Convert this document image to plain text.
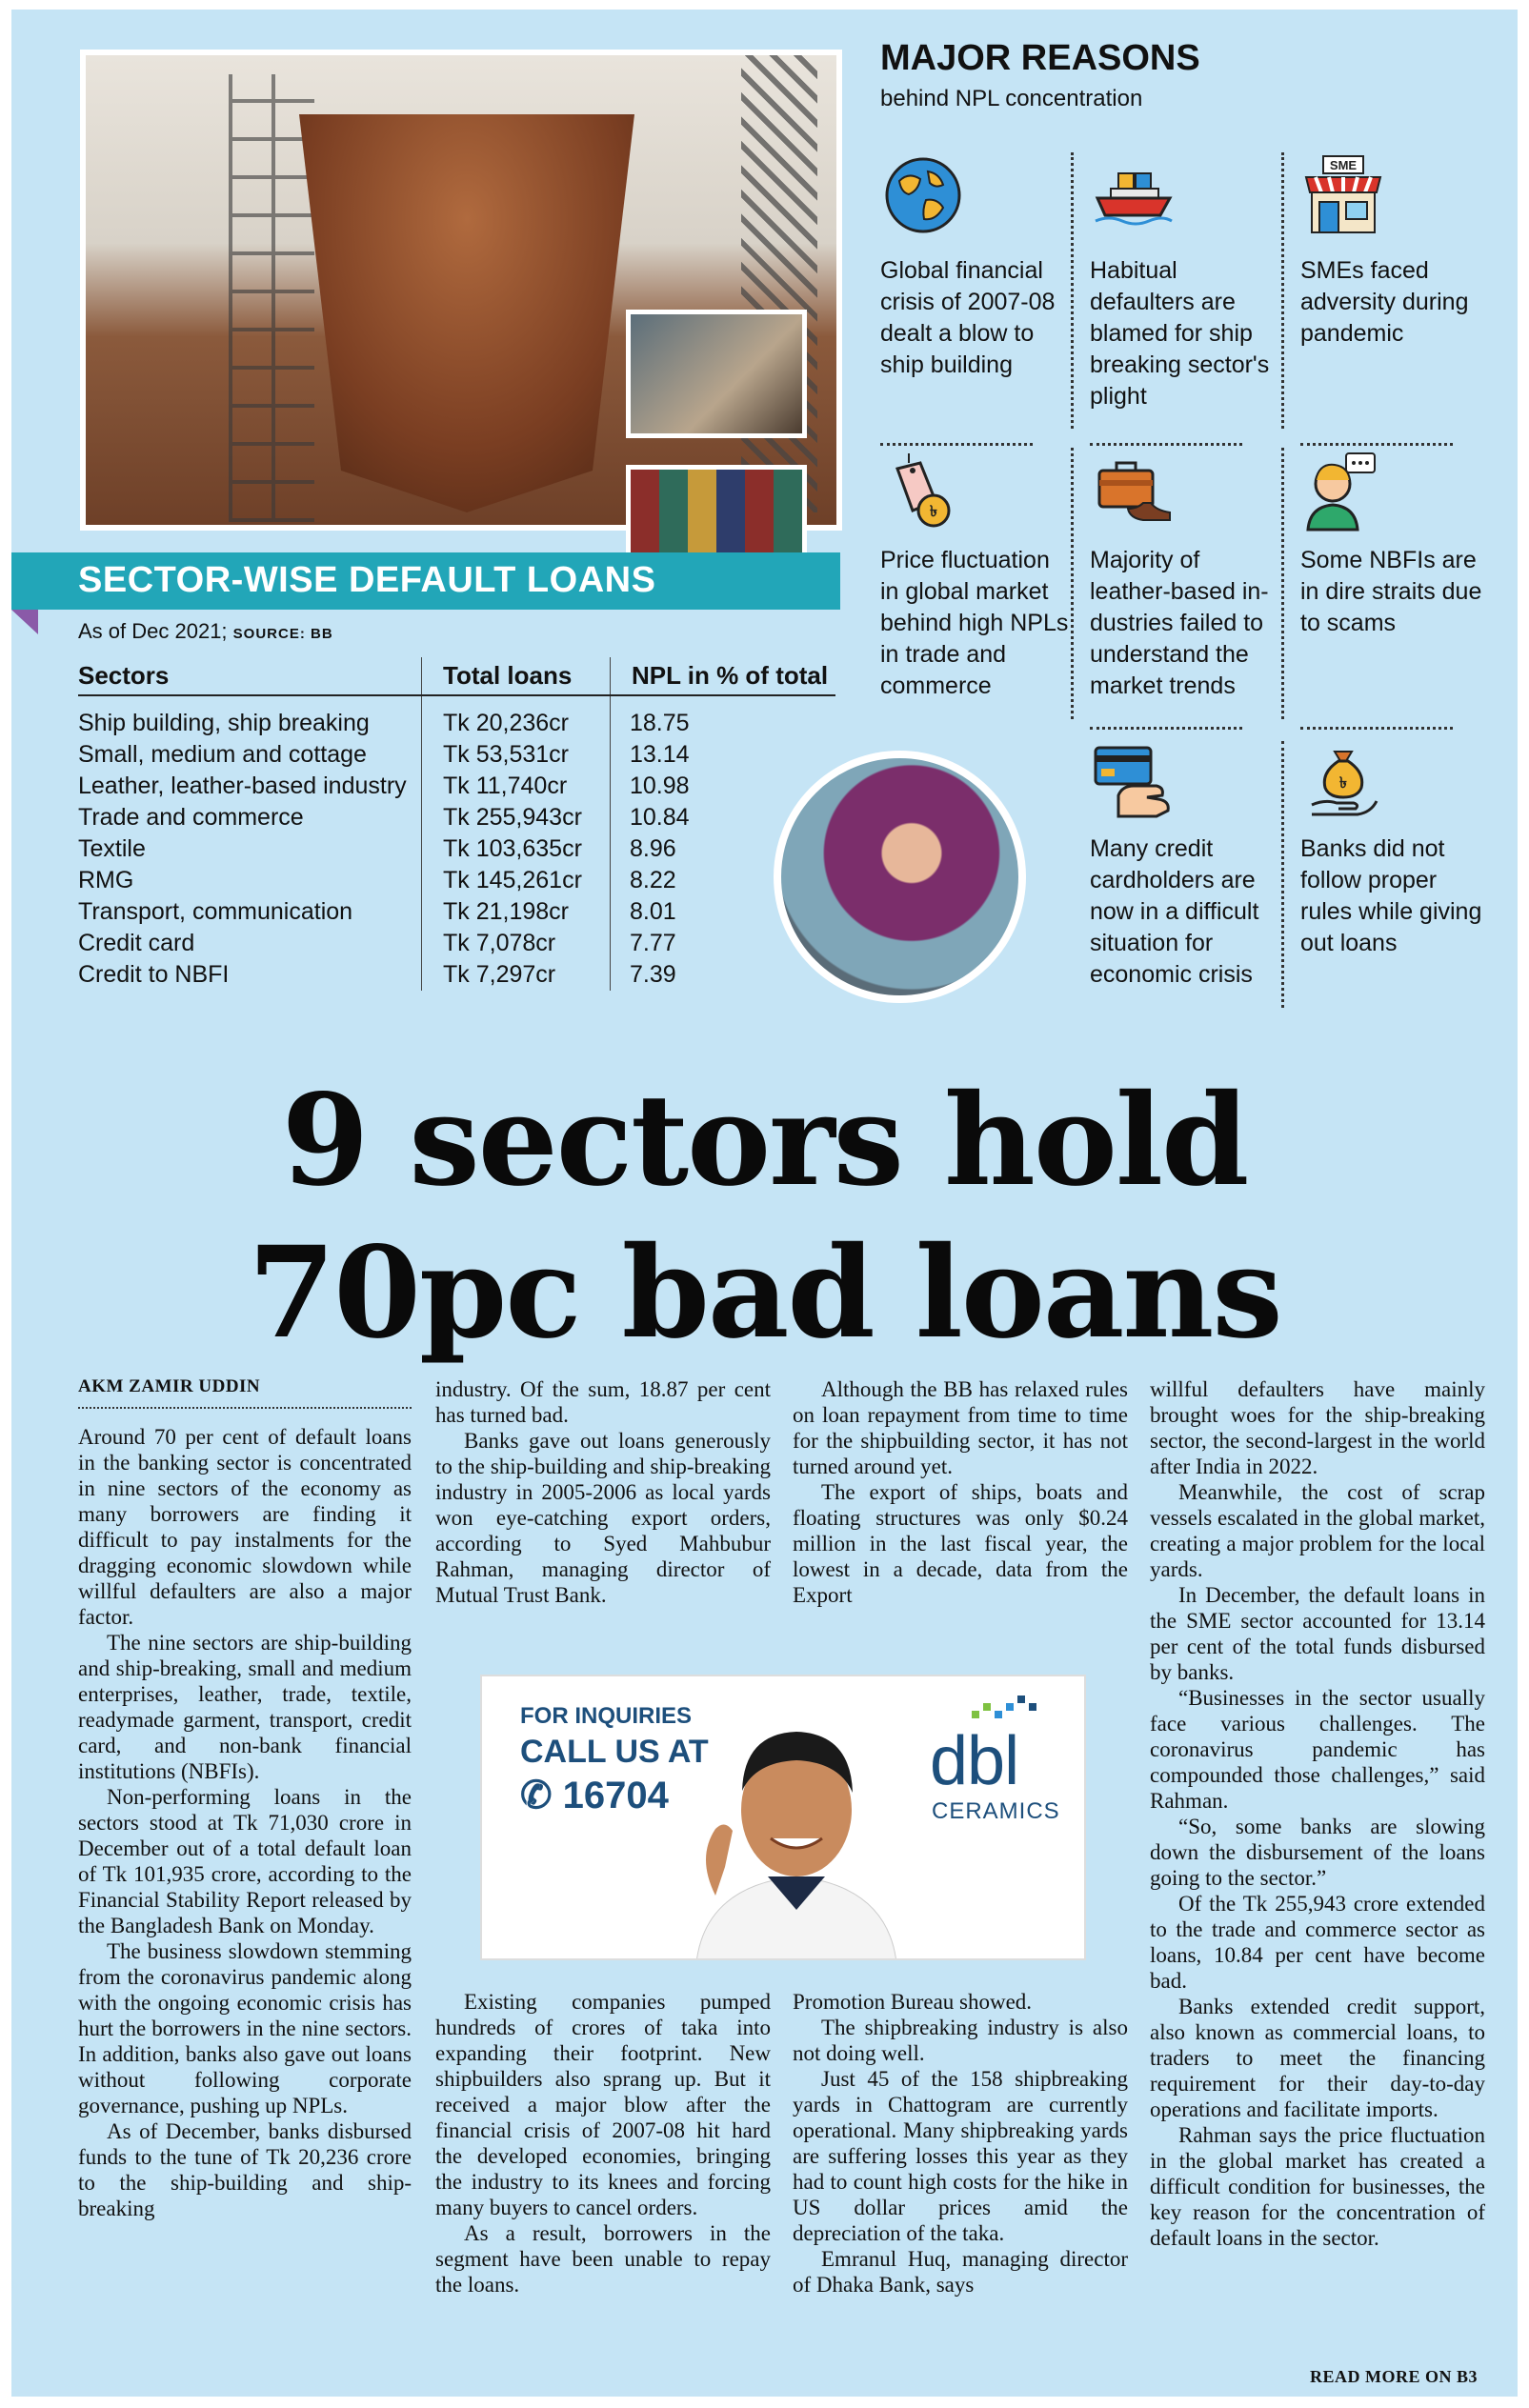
SECTOR-WISE DEFAULT LOANS
As of Dec 2021; SOURCE: BB
Sectors	Total loans	NPL in % of total
Ship building, ship breaking	Tk 20,236cr	18.75
Small, medium and cottage	Tk 53,531cr	13.14
Leather, leather-based industry	Tk 11,740cr	10.98
Trade and commerce	Tk 255,943cr	10.84
Textile	Tk 103,635cr	8.96
RMG	Tk 145,261cr	8.22
Transport, communication	Tk 21,198cr	8.01
Credit card	Tk 7,078cr	7.77
Credit to NBFI	Tk 7,297cr	7.39
MAJOR REASONS
behind NPL concentration
Global financial crisis of 2007-08 dealt a blow to ship building
Habitual defaulters are blamed for ship breaking sector's plight
SME
SMEs faced adversity during pandemic
৳
Price fluctuation in global market behind high NPLs in trade and commerce
Majority of leather-based in-dustries failed to understand the market trends
Some NBFIs are in dire straits due to scams
Many credit cardholders are now in a difficult situation for economic crisis
৳
Banks did not follow proper rules while giving out loans
9 sectors hold
70pc bad loans
AKM ZAMIR UDDIN

Around 70 per cent of default loans in the banking sector is concentrated in nine sectors of the economy as many borrowers are finding it difficult to pay instalments for the dragging economic slowdown while willful defaulters are also a major factor.

The nine sectors are ship-building and ship-breaking, small and medium enterprises, leather, trade, textile, readymade garment, transport, credit card, and non-bank financial institutions (NBFIs).

Non-performing loans in the sectors stood at Tk 71,030 crore in December out of a total default loan of Tk 101,935 crore, according to the Financial Stability Report released by the Bangladesh Bank on Monday.

The business slowdown stemming from the coronavirus pandemic along with the ongoing economic crisis has hurt the borrowers in the nine sectors. In addition, banks also gave out loans without following corporate governance, pushing up NPLs.

As of December, banks disbursed funds to the tune of Tk 20,236 crore to the ship-building and ship-breaking

industry. Of the sum, 18.87 per cent has turned bad.

Banks gave out loans generously to the ship-building and ship-breaking industry in 2005-2006 as local yards won eye-catching export orders, according to Syed Mahbubur Rahman, managing director of Mutual Trust Bank.

Existing companies pumped hundreds of crores of taka into expanding their footprint. New shipbuilders also sprang up. But it received a major blow after the financial crisis of 2007-08 hit hard the developed economies, bringing the industry to its knees and forcing many buyers to cancel orders.

As a result, borrowers in the segment have been unable to repay the loans.

Although the BB has relaxed rules on loan repayment from time to time for the shipbuilding sector, it has not turned around yet.

The export of ships, boats and floating structures was only $0.24 million in the last fiscal year, the lowest in a decade, data from the Export

Promotion Bureau showed.

The shipbreaking industry is also not doing well.

Just 45 of the 158 shipbreaking yards in Chattogram are currently operational. Many shipbreaking yards are suffering losses this year as they had to count high costs for the hike in US dollar prices amid the depreciation of the taka.

Emranul Huq, managing director of Dhaka Bank, says

willful defaulters have mainly brought woes for the ship-breaking sector, the second-largest in the world after India in 2022.

Meanwhile, the cost of scrap vessels escalated in the global market, creating a major problem for the local yards.

In December, the default loans in the SME sector accounted for 13.14 per cent of the total funds disbursed by banks.

“Businesses in the sector usually face various challenges. The coronavirus pandemic has compounded those challenges,” said Rahman.

“So, some banks are slowing down the disbursement of the loans going to the sector.”

Of the Tk 255,943 crore extended to the trade and commerce sector as loans, 10.84 per cent have become bad.

Banks extended credit support, also known as commercial loans, to traders to meet the financing requirement for their day-to-day operations and facilitate imports.

Rahman says the price fluctuation in the global market has created a difficult condition for businesses, the key reason for the concentration of default loans in the sector.

READ MORE ON B3
FOR INQUIRIES
CALL US AT
✆ 16704	dbl
CERAMICS
